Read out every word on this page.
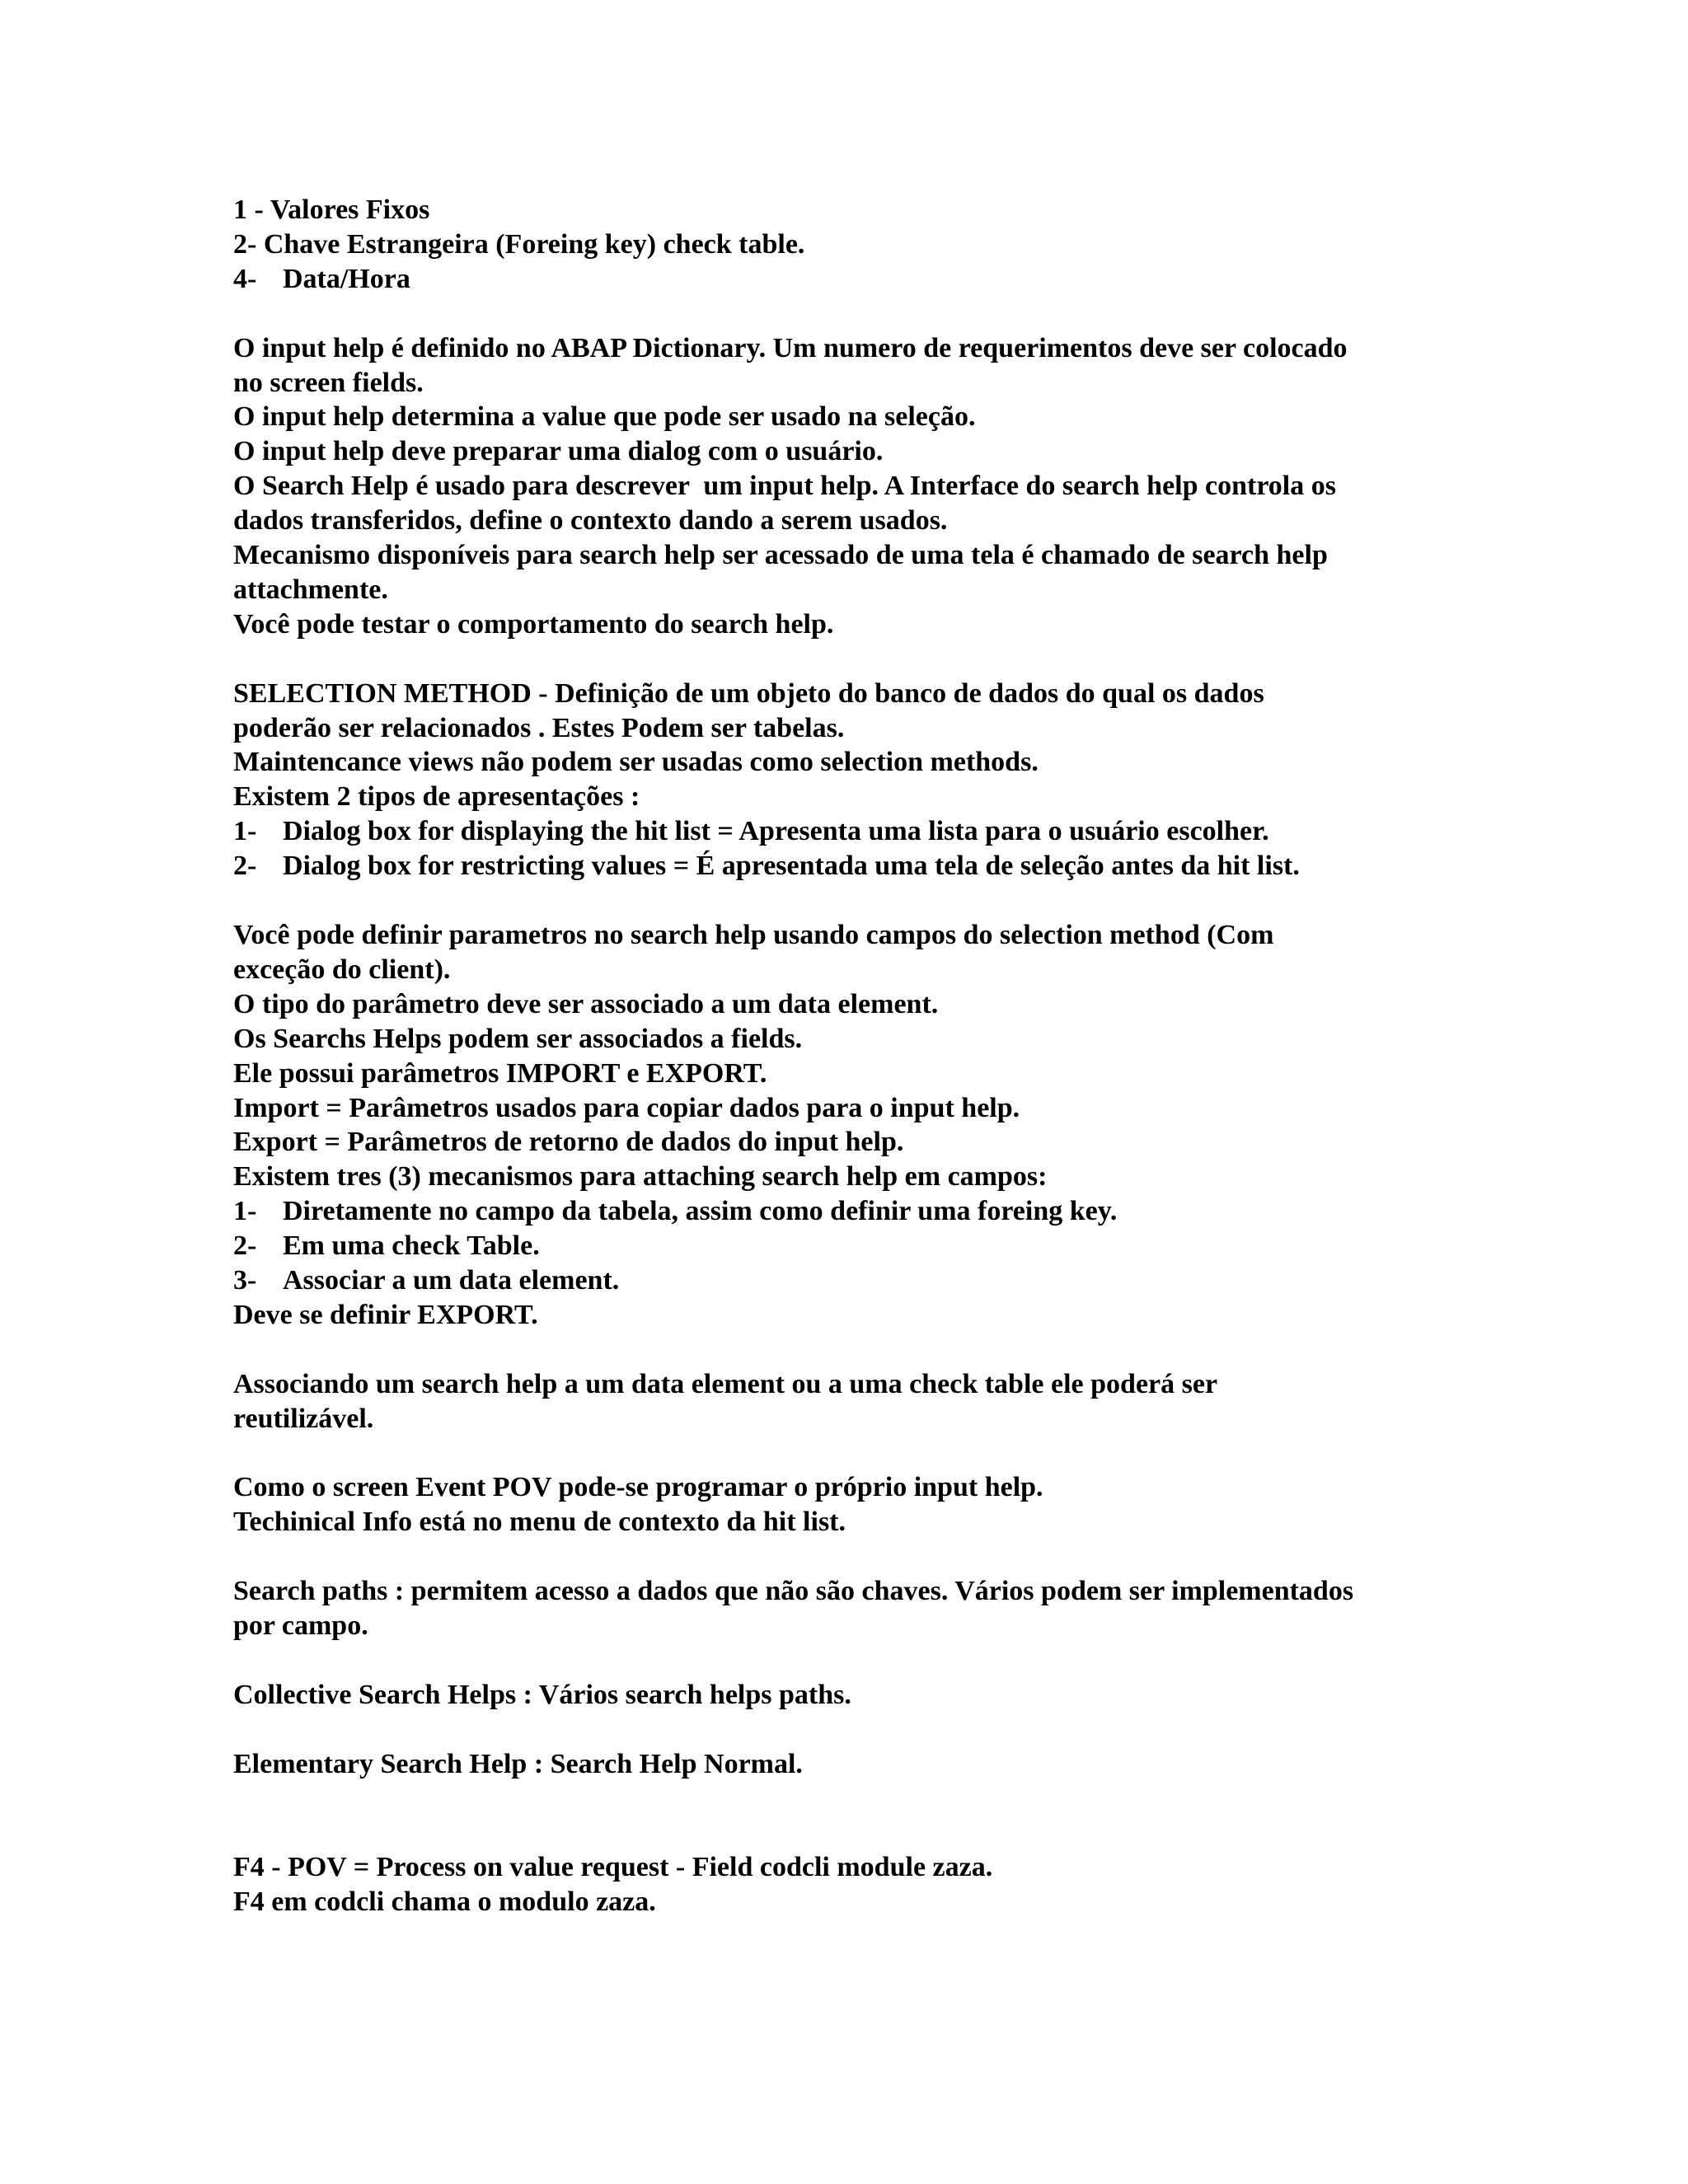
1 - Valores Fixos
2- Chave Estrangeira (Foreing key) check table.
4- Data/Hora
O input help é definido no ABAP Dictionary. Um numero de requerimentos deve ser colocado
no screen fields.
O input help determina a value que pode ser usado na seleção.
O input help deve preparar uma dialog com o usuário.
O Search Help é usado para descrever  um input help. A Interface do search help controla os
dados transferidos, define o contexto dando a serem usados.
Mecanismo disponíveis para search help ser acessado de uma tela é chamado de search help
attachmente.
Você pode testar o comportamento do search help.
SELECTION METHOD - Definição de um objeto do banco de dados do qual os dados
poderão ser relacionados . Estes Podem ser tabelas.
Maintencance views não podem ser usadas como selection methods.
Existem 2 tipos de apresentações :
1- Dialog box for displaying the hit list = Apresenta uma lista para o usuário escolher.
2- Dialog box for restricting values = É apresentada uma tela de seleção antes da hit list.
Você pode definir parametros no search help usando campos do selection method (Com
exceção do client).
O tipo do parâmetro deve ser associado a um data element.
Os Searchs Helps podem ser associados a fields.
Ele possui parâmetros IMPORT e EXPORT.
Import = Parâmetros usados para copiar dados para o input help.
Export = Parâmetros de retorno de dados do input help.
Existem tres (3) mecanismos para attaching search help em campos:
1- Diretamente no campo da tabela, assim como definir uma foreing key.
2- Em uma check Table.
3- Associar a um data element.
Deve se definir EXPORT.
Associando um search help a um data element ou a uma check table ele poderá ser
reutilizável.
Como o screen Event POV pode-se programar o próprio input help.
Techinical Info está no menu de contexto da hit list.
Search paths : permitem acesso a dados que não são chaves. Vários podem ser implementados
por campo.
Collective Search Helps : Vários search helps paths.
Elementary Search Help : Search Help Normal.
F4 - POV = Process on value request - Field codcli module zaza.
F4 em codcli chama o modulo zaza.
